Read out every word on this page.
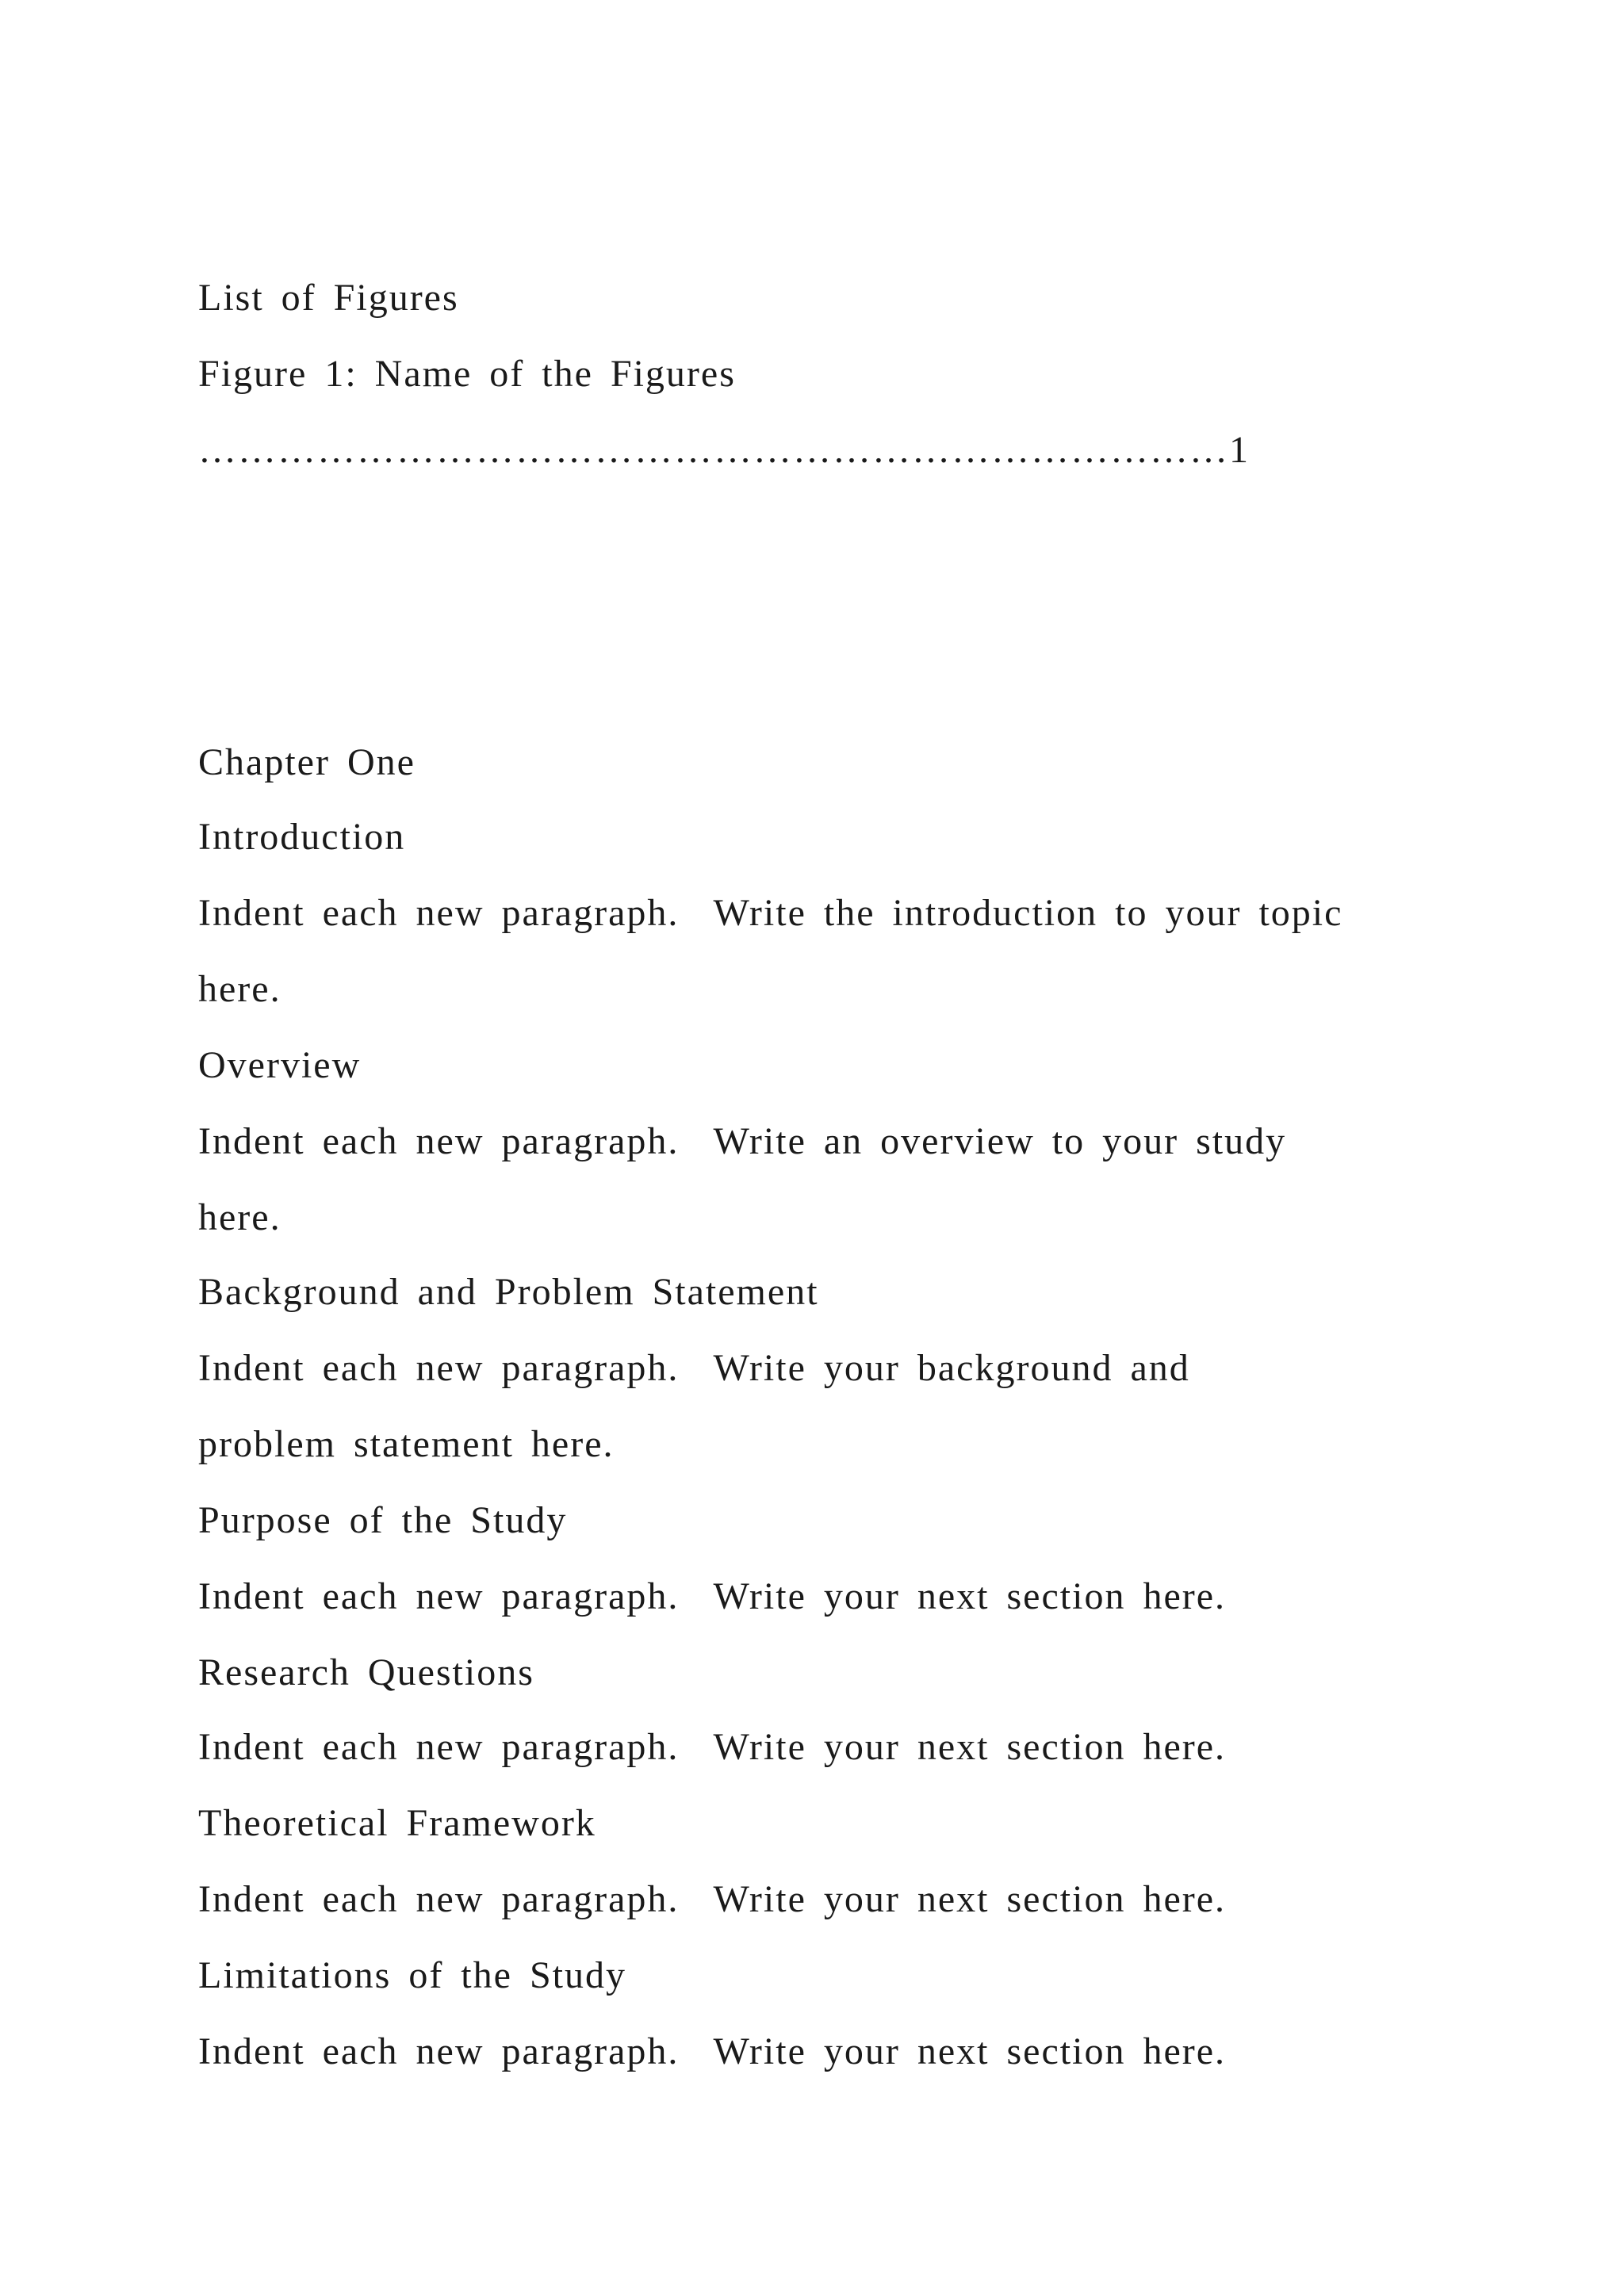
List of Figures
Figure 1: Name of the Figures
……………………………………………………………………1
Chapter One
Introduction
Indent each new paragraph.  Write the introduction to your topic
here.
Overview
Indent each new paragraph.  Write an overview to your study
here.
Background and Problem Statement
Indent each new paragraph.  Write your background and
problem statement here.
Purpose of the Study
Indent each new paragraph.  Write your next section here.
Research Questions
Indent each new paragraph.  Write your next section here.
Theoretical Framework
Indent each new paragraph.  Write your next section here.
Limitations of the Study
Indent each new paragraph.  Write your next section here.
